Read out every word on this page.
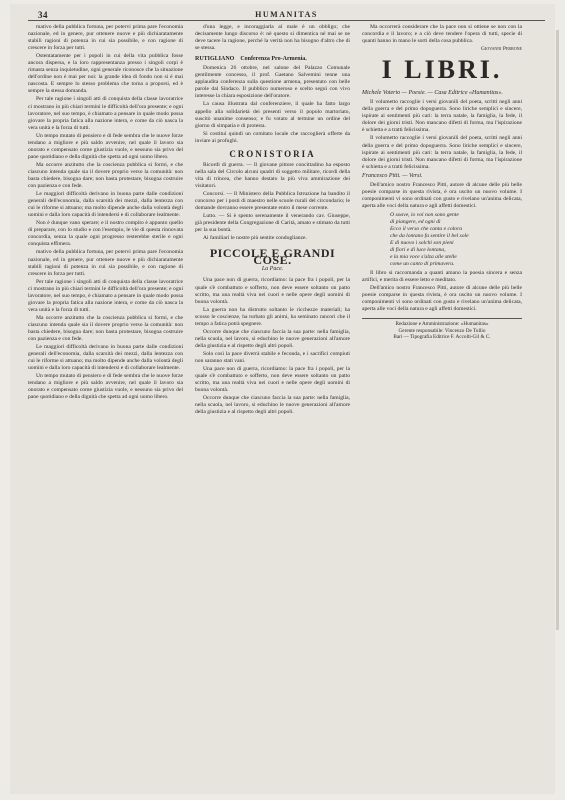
34	HUMANITAS

mativo della pubblica fortuna, per potervi prima pare l'economia nazionale, ed in genere, pur ottenere nuove e più dichiaratamente stabili ragioni di potenza in cui sia possibile, e con ragione di crescere in forza per tutti.

Ostentatamente per i popoli in cui della vita pubblica fosse ancora dispersa, e la loro rappresentanza presso i singoli corpi è rimasta senza inquietudine, ogni generale riconosce che la situazione dell'ordine non è mai per noi: la grande idea di fondo non si è mai nascosta. E sempre lo stesso problema che torna a proporsi, ed è sempre la stessa domanda.

Per tale ragione i singoli atti di conquista della classe lavoratrice ci mostrano in più chiari termini le difficoltà dell'ora presente; e ogni lavoratore, nel suo tempo, è chiamato a pensare in quale modo possa giovare la propria fatica alla nazione intera, e come da ciò nasca la vera unità e la forza di tutti.

Un tempo mutato di pensiero e di fede sembra che le nuove forze tendano a migliore e più saldo avvenire, nel quale il lavoro sia onorato e compensato come giustizia vuole, e nessuno sia privo del pane quotidiano e della dignità che spetta ad ogni uomo libero.

Ma occorre anzitutto che la coscienza pubblica si formi, e che ciascuno intenda quale sia il dovere proprio verso la comunità: non basta chiedere, bisogna dare; non basta protestare, bisogna costruire con pazienza e con fede.

Le maggiori difficoltà derivano in buona parte dalle condizioni generali dell'economia, dalla scarsità dei mezzi, dalla lentezza con cui le riforme si attuano; ma molto dipende anche dalla volontà degli uomini e dalla loro capacità di intendersi e di collaborare lealmente.

Non è dunque vano sperare; e il nostro compito è appunto quello di preparare, con lo studio e con l'esempio, le vie di questa rinnovata concordia, senza la quale ogni progresso resterebbe sterile e ogni conquista effimera.

mativo della pubblica fortuna, per potervi prima pare l'economia nazionale, ed in genere, pur ottenere nuove e più dichiaratamente stabili ragioni di potenza in cui sia possibile, e con ragione di crescere in forza per tutti.

Per tale ragione i singoli atti di conquista della classe lavoratrice ci mostrano in più chiari termini le difficoltà dell'ora presente; e ogni lavoratore, nel suo tempo, è chiamato a pensare in quale modo possa giovare la propria fatica alla nazione intera, e come da ciò nasca la vera unità e la forza di tutti.

Ma occorre anzitutto che la coscienza pubblica si formi, e che ciascuno intenda quale sia il dovere proprio verso la comunità: non basta chiedere, bisogna dare; non basta protestare, bisogna costruire con pazienza e con fede.

Le maggiori difficoltà derivano in buona parte dalle condizioni generali dell'economia, dalla scarsità dei mezzi, dalla lentezza con cui le riforme si attuano; ma molto dipende anche dalla volontà degli uomini e dalla loro capacità di intendersi e di collaborare lealmente.

Un tempo mutato di pensiero e di fede sembra che le nuove forze tendano a migliore e più saldo avvenire, nel quale il lavoro sia onorato e compensato come giustizia vuole, e nessuno sia privo del pane quotidiano e della dignità che spetta ad ogni uomo libero.

d'una legge, e incoraggiarla al male è un obbligo; che decisamente lungo discorso è: nè questo si dimentica né mai se ne deve tacere la ragione, perché la verità non ha bisogno d'altro che di se stessa.

RUTIGLIANO Conferenza Pro-Armenia.

Domenica 26 ottobre, nel salone del Palazzo Comunale gentilmente concesso, il prof. Gaetano Salvemini tenne una applaudita conferenza sulla questione armena, presentato con belle parole dal Sindaco. Il pubblico numeroso e scelto seguì con vivo interesse la chiara esposizione dell'oratore.

La causa illustrata dal conferenziere, il quale ha fatto largo appello alla solidarietà dei presenti verso il popolo martoriato, suscitò unanime consenso; e fu votato al termine un ordine del giorno di simpatia e di protesta.

Si costituì quindi un comitato locale che raccoglierà offerte da inviare ai profughi.

CRONISTORIA

Ricordi di guerra. — Il giovane pittore concittadino ha esposto nella sala del Circolo alcuni quadri di soggetto militare, ricordi della vita di trincea, che hanno destato la più viva ammirazione dei visitatori.

Concorsi. — Il Ministero della Pubblica Istruzione ha bandito il concorso per i posti di maestro nelle scuole rurali del circondario; le domande dovranno essere presentate entro il mese corrente.

Lutto. — Si è spento serenamente il venerando cav. Giuseppe, già presidente della Congregazione di Carità, amato e stimato da tutti per la sua bontà.

Ai familiari le nostre più sentite condoglianze.

PICCOLE E GRANDI COSE.
La Pace.

Una pace non di guerra, ricordiamo: la pace fra i popoli, per la quale s'è combattuto e sofferto, non deve essere soltanto un patto scritto, ma una realtà viva nei cuori e nelle opere degli uomini di buona volontà.

La guerra non ha distrutto soltanto le ricchezze materiali; ha scosso le coscienze, ha turbato gli animi, ha seminato rancori che il tempo a fatica potrà spegnere.

Occorre dunque che ciascuno faccia la sua parte: nella famiglia, nella scuola, nel lavoro, si educhino le nuove generazioni all'amore della giustizia e al rispetto degli altri popoli.

Solo così la pace diverrà stabile e feconda, e i sacrifici compiuti non saranno stati vani.

Una pace non di guerra, ricordiamo: la pace fra i popoli, per la quale s'è combattuto e sofferto, non deve essere soltanto un patto scritto, ma una realtà viva nei cuori e nelle opere degli uomini di buona volontà.

Occorre dunque che ciascuno faccia la sua parte: nella famiglia, nella scuola, nel lavoro, si educhino le nuove generazioni all'amore della giustizia e al rispetto degli altri popoli.

Ma occorrerà considerare che la pace non si ottiene se non con la concordia e il lavoro; e a ciò deve tendere l'opera di tutti, specie di quanti hanno in mano le sorti della cosa pubblica.

Giovanni Perrone
I LIBRI.
Michele Voterio — Poesie. — Casa Editrice «Humanitas».

Il volumetto raccoglie i versi giovanili del poeta, scritti negli anni della guerra e del primo dopoguerra. Sono liriche semplici e sincere, ispirate ai sentimenti più cari: la terra natale, la famiglia, la fede, il dolore dei giorni tristi. Non mancano difetti di forma, ma l'ispirazione è schietta e a tratti felicissima.

Il volumetto raccoglie i versi giovanili del poeta, scritti negli anni della guerra e del primo dopoguerra. Sono liriche semplici e sincere, ispirate ai sentimenti più cari: la terra natale, la famiglia, la fede, il dolore dei giorni tristi. Non mancano difetti di forma, ma l'ispirazione è schietta e a tratti felicissima.

Francesco Pitti. — Versi.

Dell'amico nostro Francesco Pitti, autore di alcune delle più belle poesie comparse in questa rivista, è ora uscito un nuovo volume. I componimenti vi sono ordinati con gusto e rivelano un'anima delicata, aperta alle voci della natura e agli affetti domestici.

O soave, io voi non sono gente
di piangere, ed ogni dì
Ecco il verso che canta e colora
che da lontano fa sentire il bel sole
E di nuovo i solchi son pieni
di fiori e di luce lontana,
e la mia voce s'alza alle stelle
come un canto di primavera.

Il libro si raccomanda a quanti amano la poesia sincera e senza artifici, e merita di essere letto e meditato.

Dell'amico nostro Francesco Pitti, autore di alcune delle più belle poesie comparse in questa rivista, è ora uscito un nuovo volume. I componimenti vi sono ordinati con gusto e rivelano un'anima delicata, aperta alle voci della natura e agli affetti domestici.

Redazione e Amministrazione: «Humanitas»
Gerente responsabile: Vincenzo De Tullio
Bari — Tipografia Editrice F. Accolti-Gil & C.
